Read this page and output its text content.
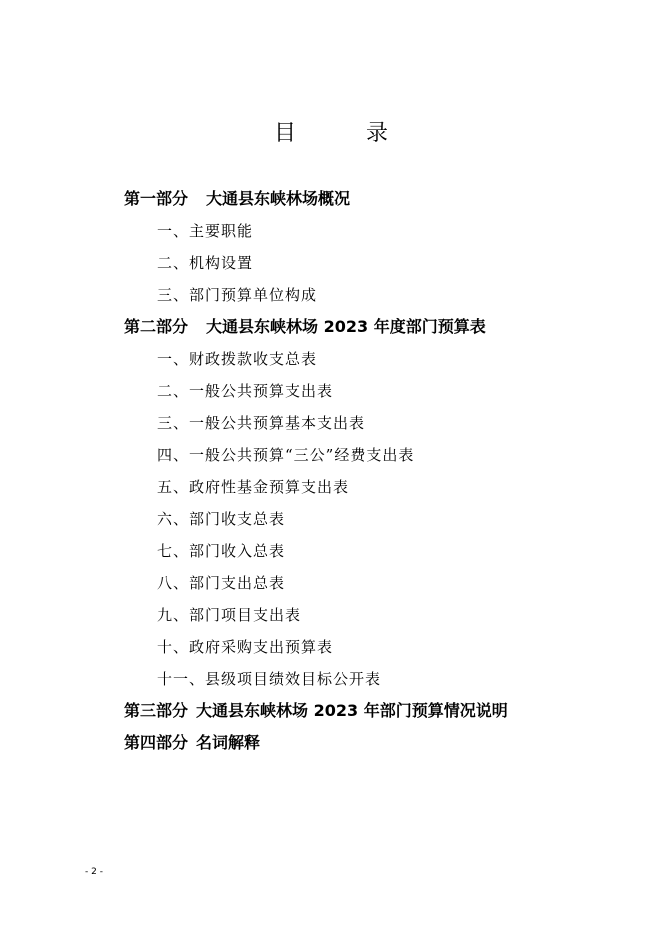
目　录
第一部分 大通县东峡林场概况
一、主要职能
二、机构设置
三、部门预算单位构成
第二部分 大通县东峡林场 2023 年度部门预算表
一、财政拨款收支总表
二、一般公共预算支出表
三、一般公共预算基本支出表
四、一般公共预算“三公”经费支出表
五、政府性基金预算支出表
六、部门收支总表
七、部门收入总表
八、部门支出总表
九、部门项目支出表
十、政府采购支出预算表
十一、县级项目绩效目标公开表
第三部分 大通县东峡林场 2023 年部门预算情况说明
第四部分 名词解释
- 2 -
